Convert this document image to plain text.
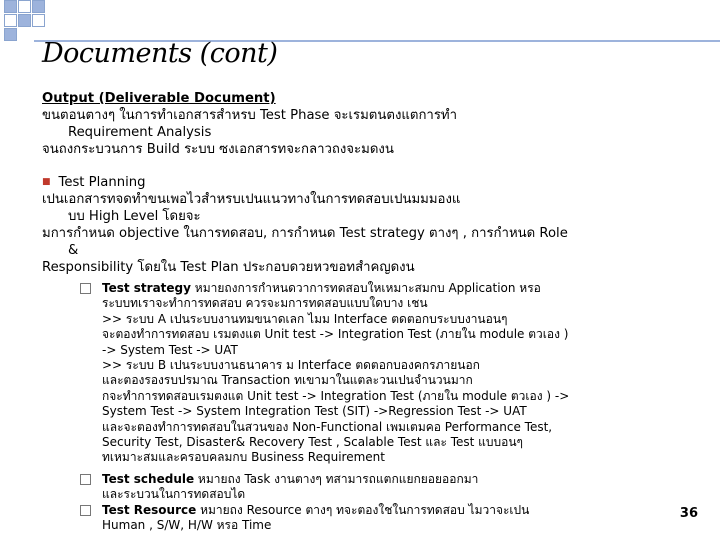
Documents (cont)
Output (Deliverable Document)
ขนตอนตางๆ ในการทำเอกสารสำหรบ Test Phase จะเรมตนตงแตการทำ
Requirement Analysis
จนถงกระบวนการ Build ระบบ ซงเอกสารทจะกลาวถงจะมดงน
■ Test Planning
เปนเอกสารทจดทำขนเพอไวสำหรบเปนแนวทางในการทดสอบเปนมมมองแ
บบ High Level โดยจะ
มการกำหนด objective ในการทดสอบ, การกำหนด Test strategy ตางๆ , การกำหนด Role
&
Responsibility โดยใน Test Plan ประกอบดวยหวขอทสำคญดงน
Test strategy หมายถงการกำหนดวาการทดสอบใหเหมาะสมกบ Application หรอ
ระบบทเราจะทำการทดสอบ ควรจะมการทดสอบแบบใดบาง เชน
>> ระบบ A เปนระบบงานทมขนาดเลก ไมม Interface ตดตอกบระบบงานอนๆ
จะตองทำการทดสอบ เรมตงแต Unit test -> Integration Test (ภายใน module ตวเอง )
-> System Test -> UAT
>> ระบบ B เปนระบบงานธนาคาร ม Interface ตดตอกบองคกรภายนอก
และตองรองรบปรมาณ Transaction ทเขามาในแตละวนเปนจำนวนมาก
กจะทำการทดสอบเรมตงแต Unit test -> Integration Test (ภายใน module ตวเอง ) ->
System Test -> System Integration Test (SIT) ->Regression Test -> UAT
และจะตองทำการทดสอบในสวนของ Non-Functional เพมเตมคอ Performance Test,
Security Test, Disaster& Recovery Test , Scalable Test และ Test แบบอนๆ
ทเหมาะสมและครอบคลมกบ Business Requirement
Test schedule หมายถง Task งานตางๆ ทสามารถแตกแยกยอยออกมา
และระบวนในการทดสอบได
Test Resource หมายถง Resource ตางๆ ทจะตองใชในการทดสอบ ไมวาจะเปน
Human , S/W, H/W หรอ Time
36
